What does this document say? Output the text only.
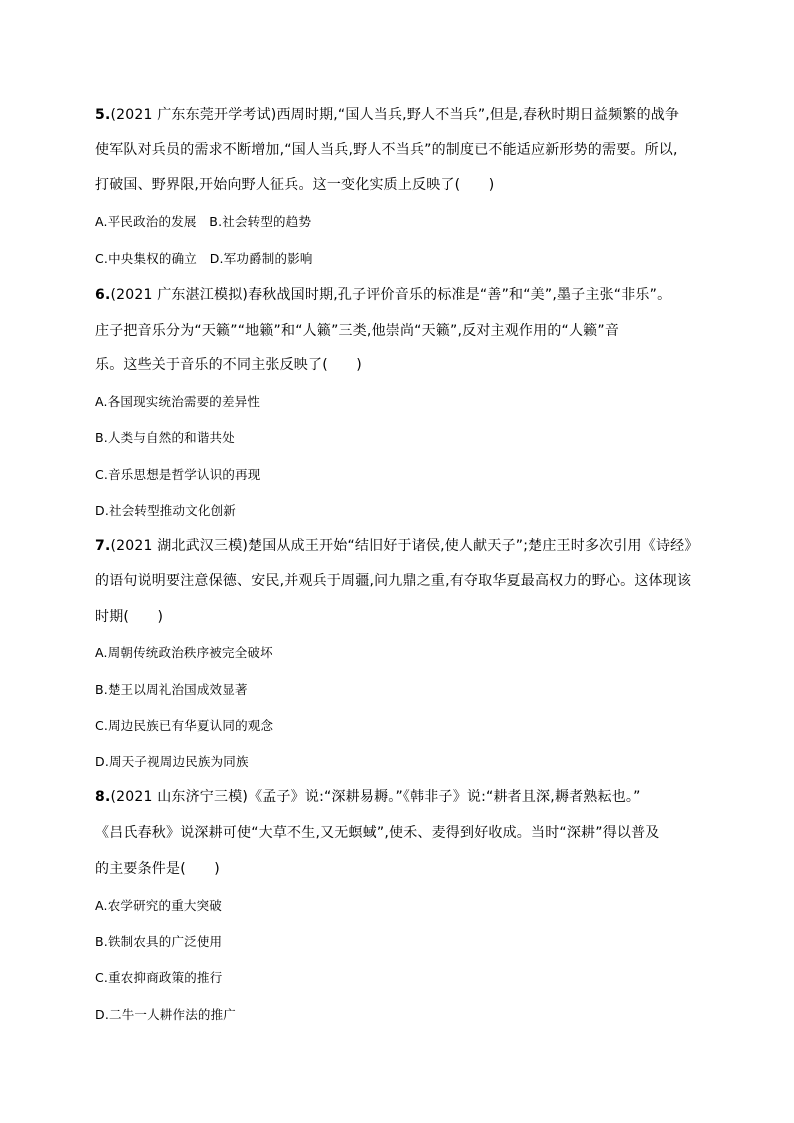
5.(2021 广东东莞开学考试)西周时期,“国人当兵,野人不当兵”,但是,春秋时期日益频繁的战争
使军队对兵员的需求不断增加,“国人当兵,野人不当兵”的制度已不能适应新形势的需要。所以,
打破国、野界限,开始向野人征兵。这一变化实质上反映了(　　)
A.平民政治的发展　B.社会转型的趋势
C.中央集权的确立　D.军功爵制的影响
6.(2021 广东湛江模拟)春秋战国时期,孔子评价音乐的标准是“善”和“美”,墨子主张“非乐”。
庄子把音乐分为“天籁”“地籁”和“人籁”三类,他崇尚“天籁”,反对主观作用的“人籁”音
乐。这些关于音乐的不同主张反映了(　　)
A.各国现实统治需要的差异性
B.人类与自然的和谐共处
C.音乐思想是哲学认识的再现
D.社会转型推动文化创新
7.(2021 湖北武汉三模)楚国从成王开始“结旧好于诸侯,使人献天子”;楚庄王时多次引用《诗经》
的语句说明要注意保德、安民,并观兵于周疆,问九鼎之重,有夺取华夏最高权力的野心。这体现该
时期(　　)
A.周朝传统政治秩序被完全破坏
B.楚王以周礼治国成效显著
C.周边民族已有华夏认同的观念
D.周天子视周边民族为同族
8.(2021 山东济宁三模)《孟子》说:“深耕易耨。”《韩非子》说:“耕者且深,耨者熟耘也。”
《吕氏春秋》说深耕可使“大草不生,又无螟蜮”,使禾、麦得到好收成。当时“深耕”得以普及
的主要条件是(　　)
A.农学研究的重大突破
B.铁制农具的广泛使用
C.重农抑商政策的推行
D.二牛一人耕作法的推广
